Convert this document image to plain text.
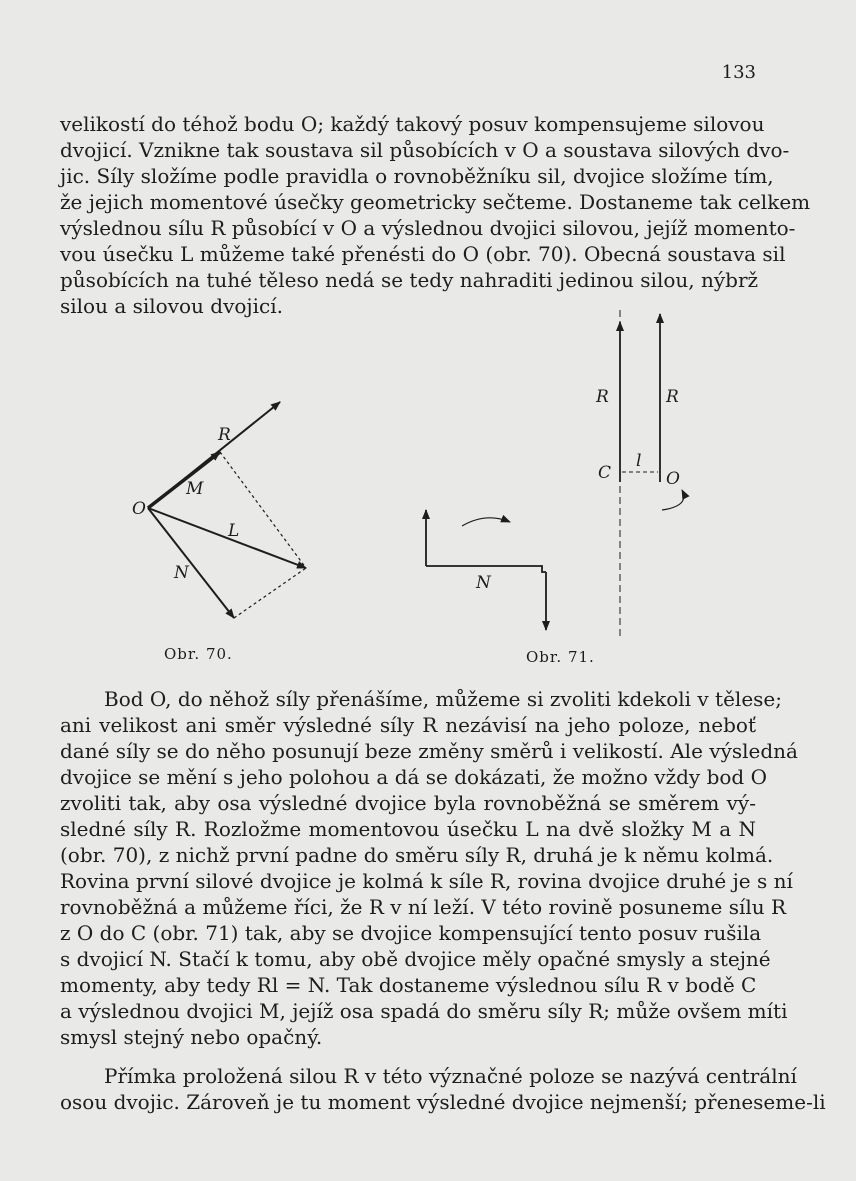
133
velikostí do téhož bodu O; každý takový posuv kompensujeme silovou
dvojicí. Vznikne tak soustava sil působících v O a soustava silových dvo-
jic. Síly složíme podle pravidla o rovnoběžníku sil, dvojice složíme tím,
že jejich momentové úsečky geometricky sečteme. Dostaneme tak celkem
výslednou sílu R působící v O a výslednou dvojici silovou, jejíž momento-
vou úsečku L můžeme také přenésti do O (obr. 70). Obecná soustava sil
působících na tuhé těleso nedá se tedy nahraditi jedinou silou, nýbrž
silou a silovou dvojicí.
O
R
M
L
N
Obr. 70.
R	R
C
l
O
N
Obr. 71.
Bod O, do něhož síly přenášíme, můžeme si zvoliti kdekoli v tělese;
ani velikost ani směr výsledné síly R nezávisí na jeho poloze, neboť
dané síly se do něho posunují beze změny směrů i velikostí. Ale výsledná
dvojice se mění s jeho polohou a dá se dokázati, že možno vždy bod O
zvoliti tak, aby osa výsledné dvojice byla rovnoběžná se směrem vý-
sledné síly R. Rozložme momentovou úsečku L na dvě složky M a N
(obr. 70), z nichž první padne do směru síly R, druhá je k němu kolmá.
Rovina první silové dvojice je kolmá k síle R, rovina dvojice druhé je s ní
rovnoběžná a můžeme říci, že R v ní leží. V této rovině posuneme sílu R
z O do C (obr. 71) tak, aby se dvojice kompensující tento posuv rušila
s dvojicí N. Stačí k tomu, aby obě dvojice měly opačné smysly a stejné
momenty, aby tedy Rl = N. Tak dostaneme výslednou sílu R v bodě C
a výslednou dvojici M, jejíž osa spadá do směru síly R; může ovšem míti
smysl stejný nebo opačný.
Přímka proložená silou R v této význačné poloze se nazývá centrální
osou dvojic. Zároveň je tu moment výsledné dvojice nejmenší; přeneseme-li
